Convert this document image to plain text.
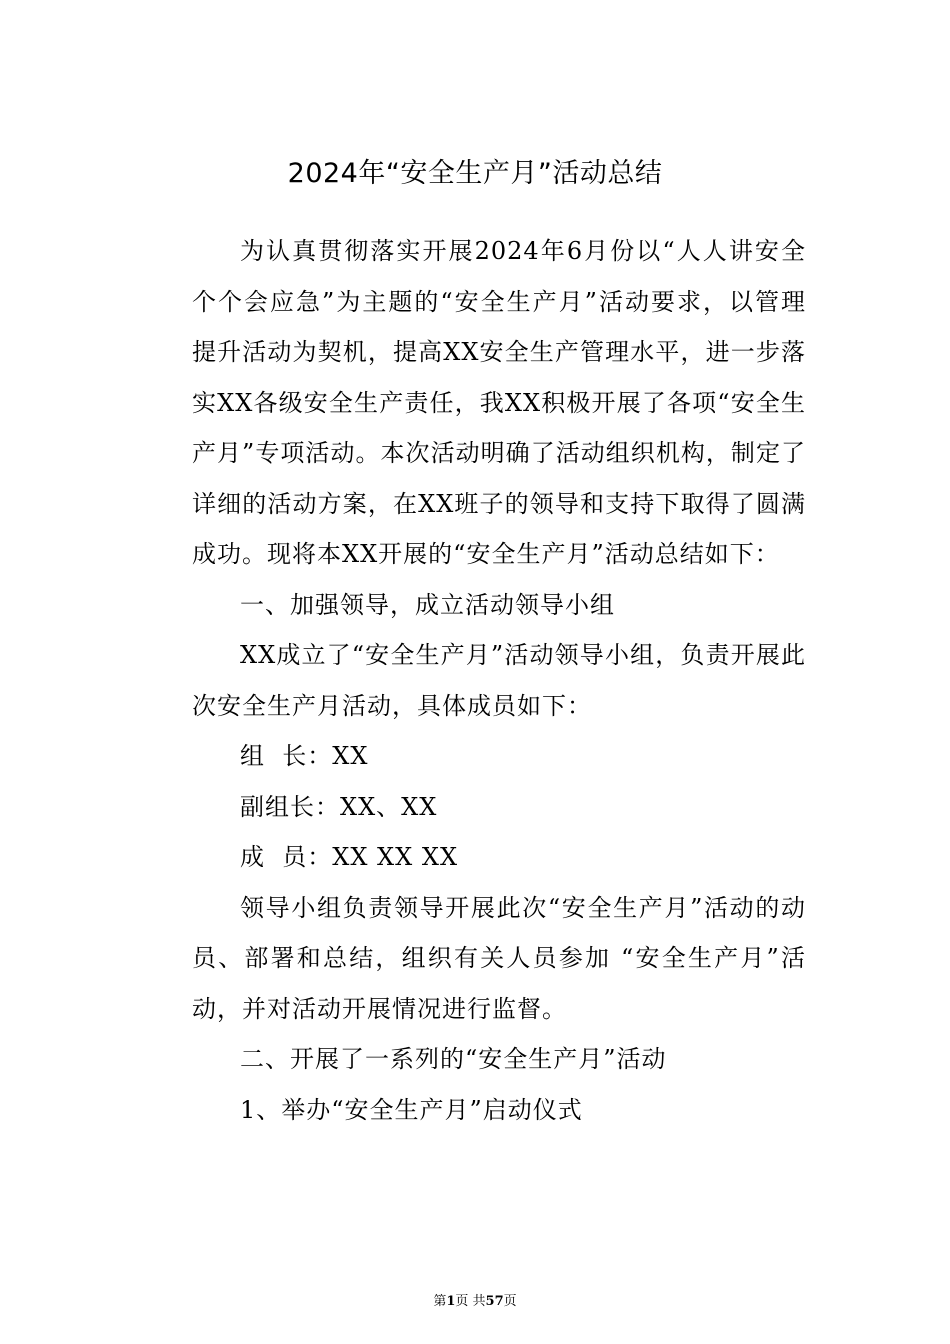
2024年“安全生产月”活动总结

为认真贯彻落实开展2024年6月份以“人人讲安全 个个会应急”为主题的“安全生产月”活动要求，以管理提升活动为契机，提高XX安全生产管理水平，进一步落实XX各级安全生产责任，我XX积极开展了各项“安全生产月”专项活动。本次活动明确了活动组织机构，制定了详细的活动方案，在XX班子的领导和支持下取得了圆满成功。现将本XX开展的“安全生产月”活动总结如下：

一、加强领导，成立活动领导小组

XX成立了“安全生产月”活动领导小组，负责开展此次安全生产月活动，具体成员如下：

组  长：XX

副组长：XX、XX

成  员：XX XX XX

领导小组负责领导开展此次“安全生产月”活动的动员、部署和总结，组织有关人员参加 “安全生产月”活动，并对活动开展情况进行监督。

二、开展了一系列的“安全生产月”活动

1、举办“安全生产月”启动仪式

第1页 共57页
